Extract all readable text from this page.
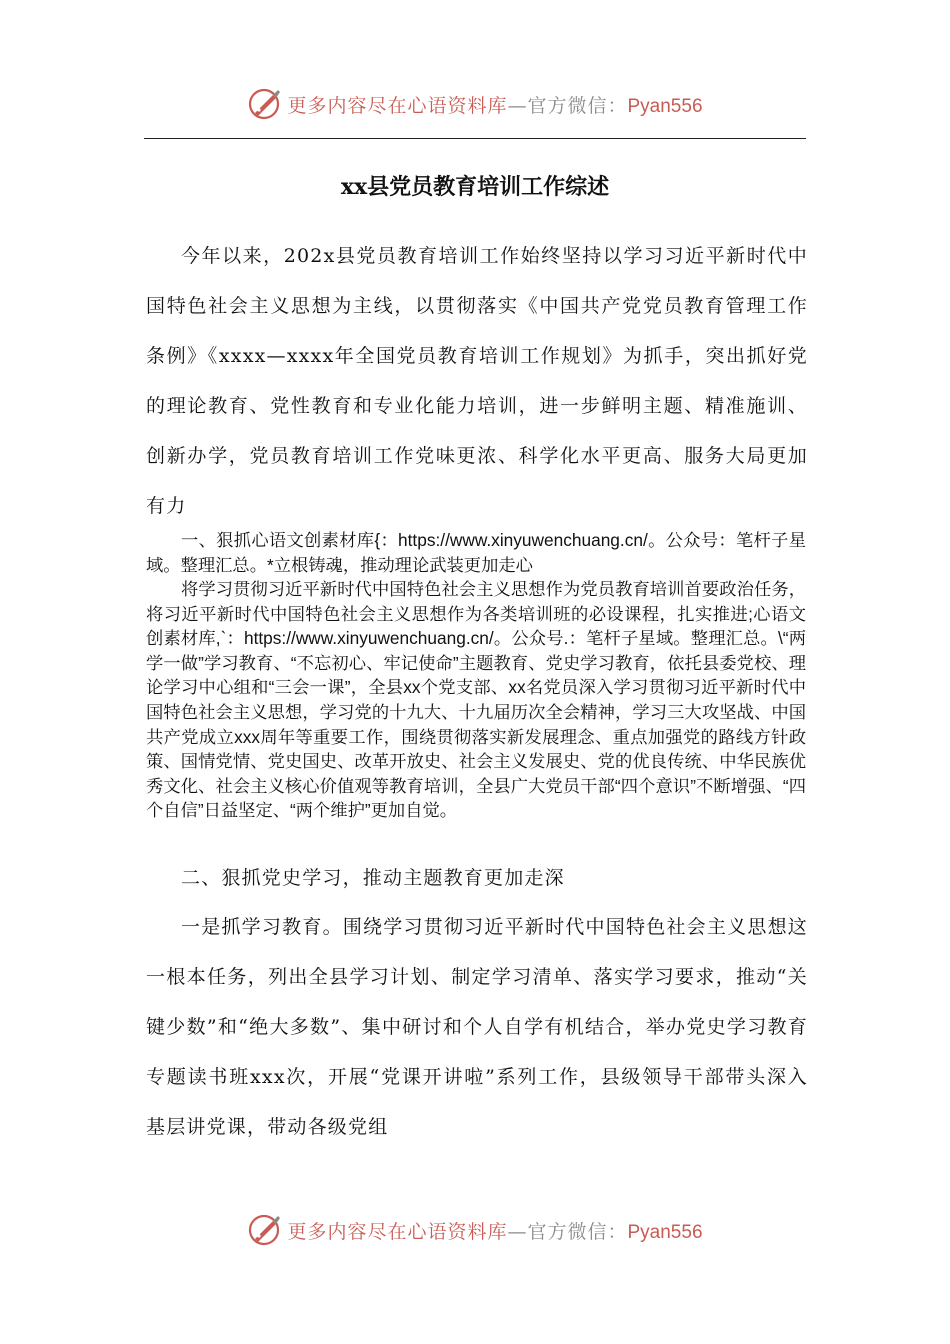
更多内容尽在心语资料库—官方微信：Pyan556
xx县党员教育培训工作综述

今年以来，202x县党员教育培训工作始终坚持以学习习近平新时代中国特色社会主义思想为主线，以贯彻落实《中国共产党党员教育管理工作条例》《xxxx—xxxx年全国党员教育培训工作规划》为抓手，突出抓好党的理论教育、党性教育和专业化能力培训，进一步鲜明主题、精准施训、创新办学，党员教育培训工作党味更浓、科学化水平更高、服务大局更加有力

一、狠抓心语文创素材库{：https://www.xinyuwenchuang.cn/。公众号：笔杆子星域。整理汇总。*立根铸魂，推动理论武装更加走心

将学习贯彻习近平新时代中国特色社会主义思想作为党员教育培训首要政治任务，将习近平新时代中国特色社会主义思想作为各类培训班的必设课程，扎实推进;心语文创素材库,`：https://www.xinyuwenchuang.cn/。公众号.：笔杆子星域。整理汇总。\“两学一做”学习教育、“不忘初心、牢记使命”主题教育、党史学习教育，依托县委党校、理论学习中心组和“三会一课”，全县xx个党支部、xx名党员深入学习贯彻习近平新时代中国特色社会主义思想，学习党的十九大、十九届历次全会精神，学习三大攻坚战、中国共产党成立xxx周年等重要工作，围绕贯彻落实新发展理念、重点加强党的路线方针政策、国情党情、党史国史、改革开放史、社会主义发展史、党的优良传统、中华民族优秀文化、社会主义核心价值观等教育培训，全县广大党员干部“四个意识”不断增强、“四个自信”日益坚定、“两个维护”更加自觉。

二、狠抓党史学习，推动主题教育更加走深

一是抓学习教育。围绕学习贯彻习近平新时代中国特色社会主义思想这一根本任务，列出全县学习计划、制定学习清单、落实学习要求，推动“关键少数”和“绝大多数”、集中研讨和个人自学有机结合，举办党史学习教育专题读书班xxx次，开展“党课开讲啦”系列工作，县级领导干部带头深入基层讲党课，带动各级党组

更多内容尽在心语资料库—官方微信：Pyan556
